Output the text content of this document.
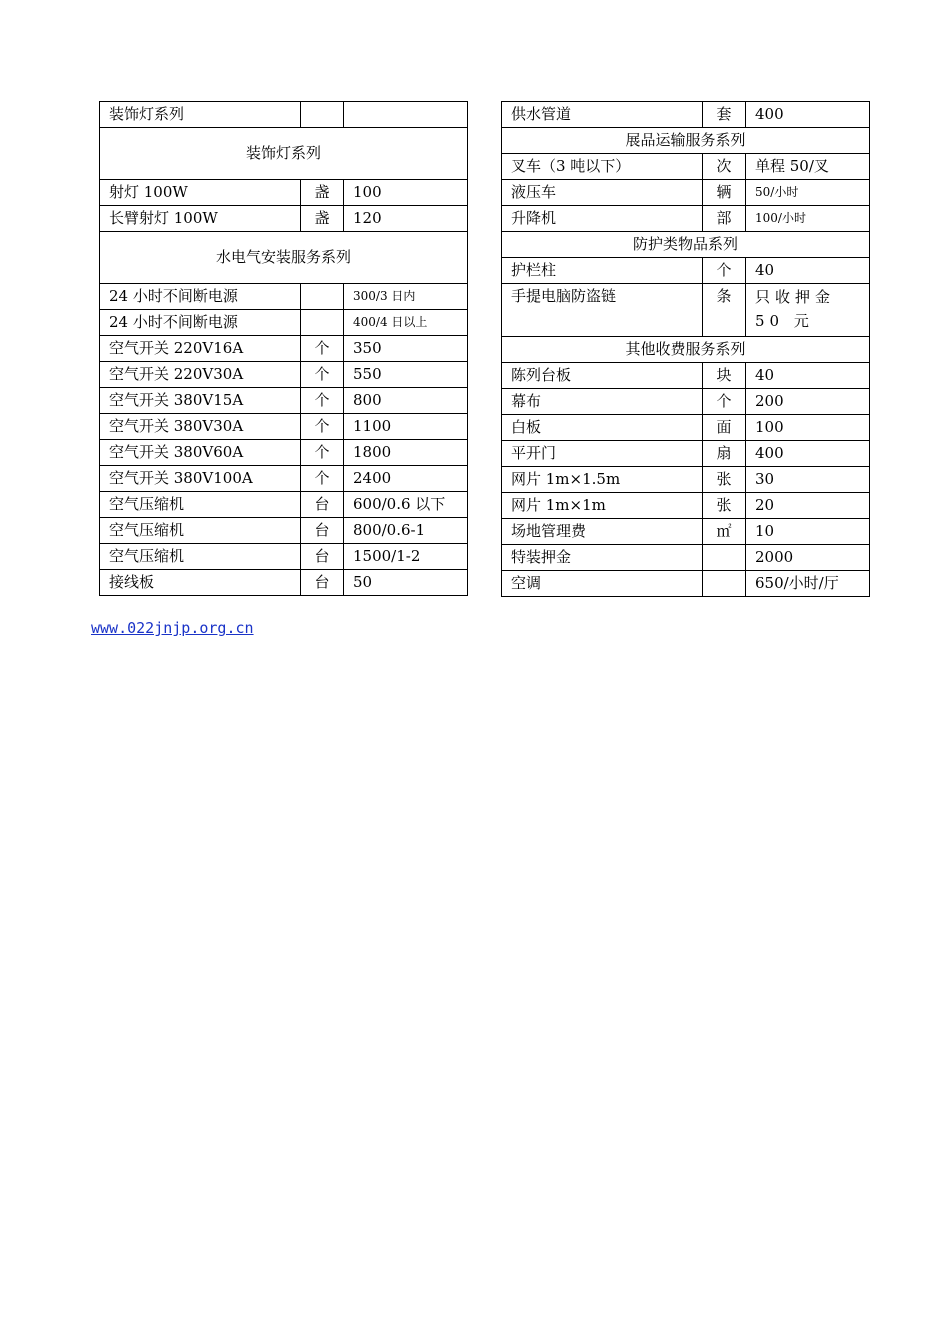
装饰灯系列		
装饰灯系列		
射灯 100W	盏	100
长臂射灯 100W	盏	120
水电气安装服务系列		
24 小时不间断电源		300/3 日内
24 小时不间断电源		400/4 日以上
空气开关 220V16A	个	350
空气开关 220V30A	个	550
空气开关 380V15A	个	800
空气开关 380V30A	个	1100
空气开关 380V60A	个	1800
空气开关 380V100A	个	2400
空气压缩机	台	600/0.6 以下
空气压缩机	台	800/0.6-1
空气压缩机	台	1500/1-2
接线板	台	50
供水管道	套	400
展品运输服务系列		
叉车（3 吨以下）	次	单程 50/叉
液压车	辆	50/小时
升降机	部	100/小时
防护类物品系列		
护栏柱	个	40
手提电脑防盗链	条	只收押金 50 元
其他收费服务系列		
陈列台板	块	40
幕布	个	200
白板	面	100
平开门	扇	400
网片 1m×1.5m	张	30
网片 1m×1m	张	20
场地管理费	㎡	10
特装押金		2000
空调		650/小时/厅
www.022jnjp.org.cn
